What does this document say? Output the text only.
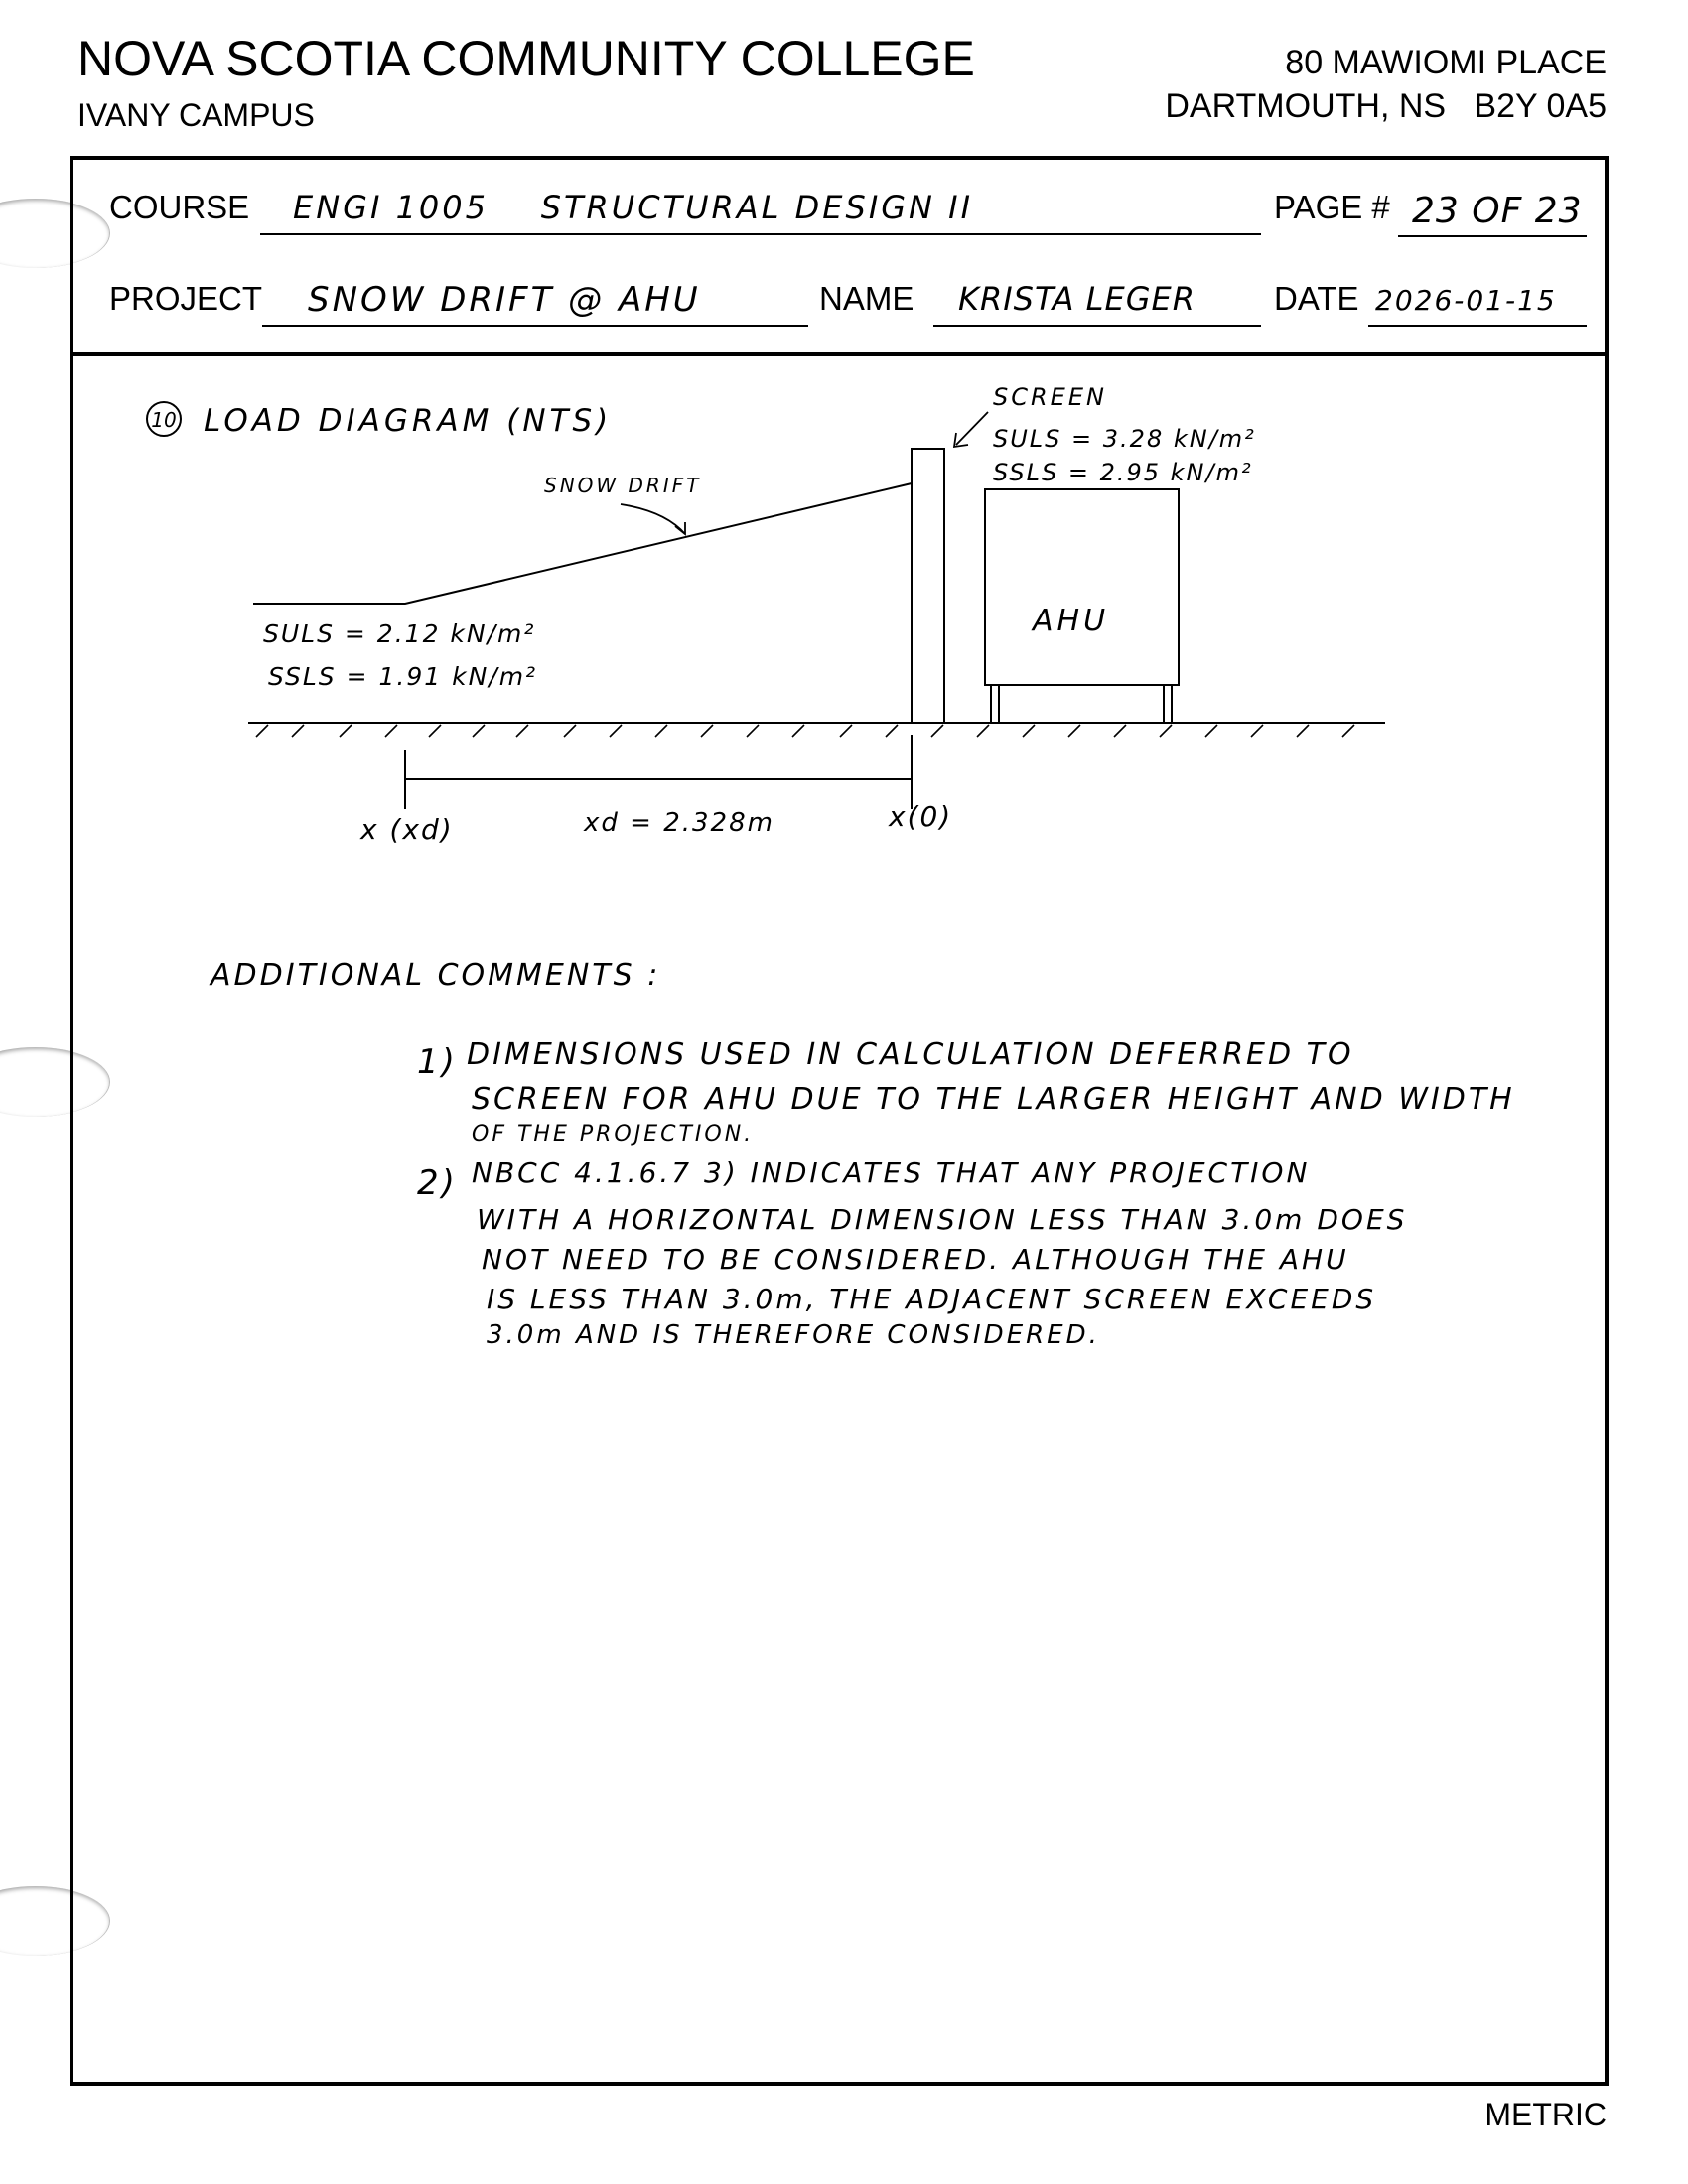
NOVA SCOTIA COMMUNITY COLLEGE
IVANY CAMPUS
80 MAWIOMI PLACE
DARTMOUTH, NS   B2Y 0A5
COURSE ENGI 1005    STRUCTURAL DESIGN II	PAGE # 23 OF 23
PROJECT SNOW DRIFT @ AHU	NAME KRISTA LEGER DATE 2026-01-15
10 LOAD DIAGRAM (NTS)
SNOW DRIFT
SCREEN
SULS = 3.28 kN/m²
SSLS = 2.95 kN/m²
AHU
SULS = 2.12 kN/m²
SSLS = 1.91 kN/m²
x (xd)	xd = 2.328m	x(0)
ADDITIONAL COMMENTS :
1) DIMENSIONS USED IN CALCULATION DEFERRED TO
SCREEN FOR AHU DUE TO THE LARGER HEIGHT AND WIDTH
OF THE PROJECTION.
2) NBCC 4.1.6.7 3) INDICATES THAT ANY PROJECTION
WITH A HORIZONTAL DIMENSION LESS THAN 3.0m DOES
NOT NEED TO BE CONSIDERED. ALTHOUGH THE AHU
IS LESS THAN 3.0m, THE ADJACENT SCREEN EXCEEDS
3.0m AND IS THEREFORE CONSIDERED.
METRIC
